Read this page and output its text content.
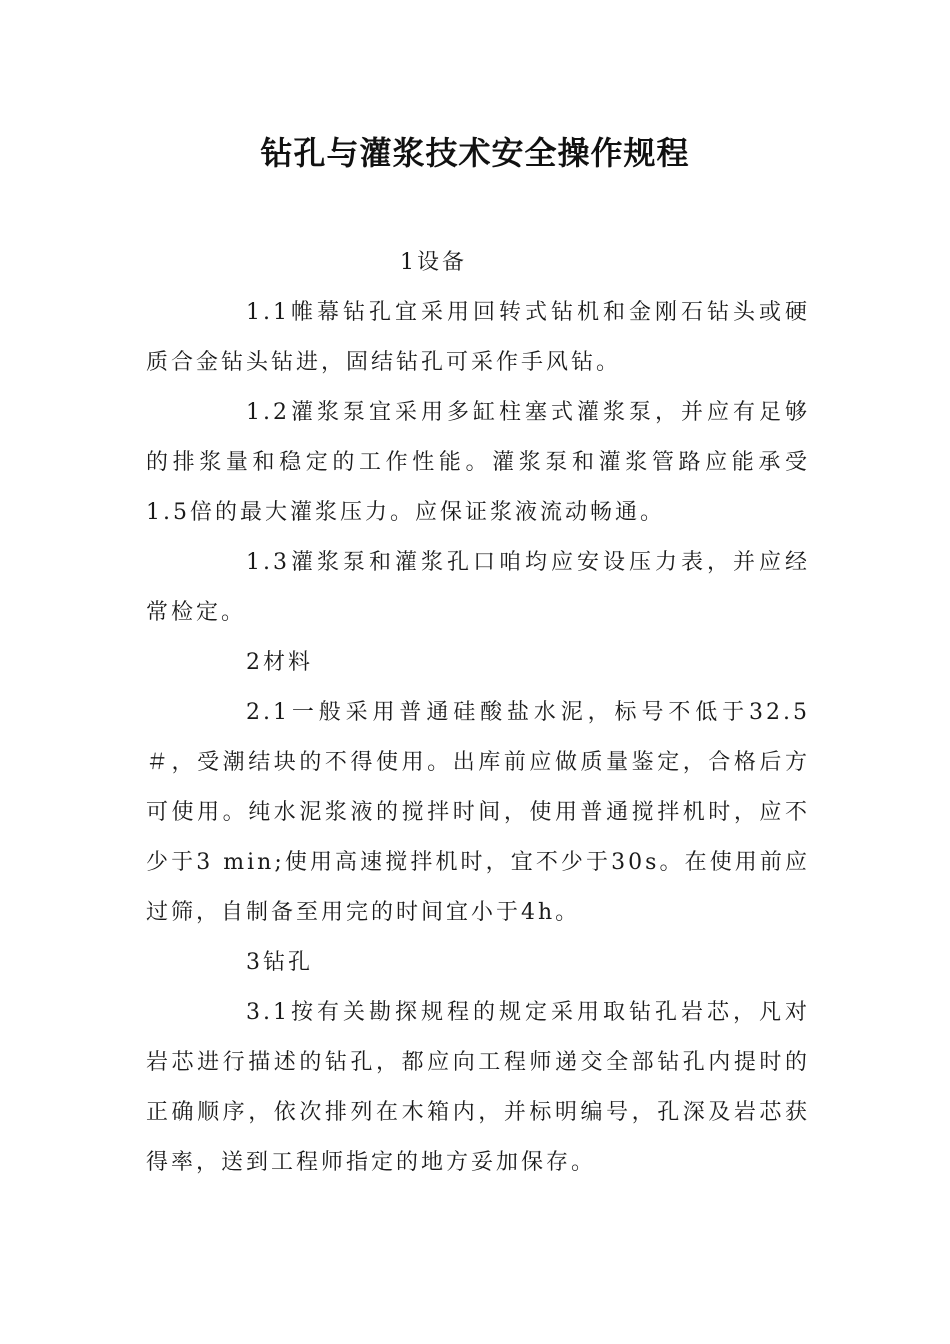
钻孔与灌浆技术安全操作规程
1设备

1.1帷幕钻孔宜采用回转式钻机和金刚石钻头或硬质合金钻头钻进，固结钻孔可采作手风钻。

1.2灌浆泵宜采用多缸柱塞式灌浆泵，并应有足够的排浆量和稳定的工作性能。灌浆泵和灌浆管路应能承受1.5倍的最大灌浆压力。应保证浆液流动畅通。

1.3灌浆泵和灌浆孔口咱均应安设压力表，并应经常检定。

2材料

2.1一般采用普通硅酸盐水泥，标号不低于32.5＃，受潮结块的不得使用。出库前应做质量鉴定，合格后方可使用。纯水泥浆液的搅拌时间，使用普通搅拌机时，应不少于3 min;使用高速搅拌机时，宜不少于30s。在使用前应过筛，自制备至用完的时间宜小于4h。

3钻孔

3.1按有关勘探规程的规定采用取钻孔岩芯，凡对岩芯进行描述的钻孔，都应向工程师递交全部钻孔内提时的正确顺序，依次排列在木箱内，并标明编号，孔深及岩芯获得率，送到工程师指定的地方妥加保存。
